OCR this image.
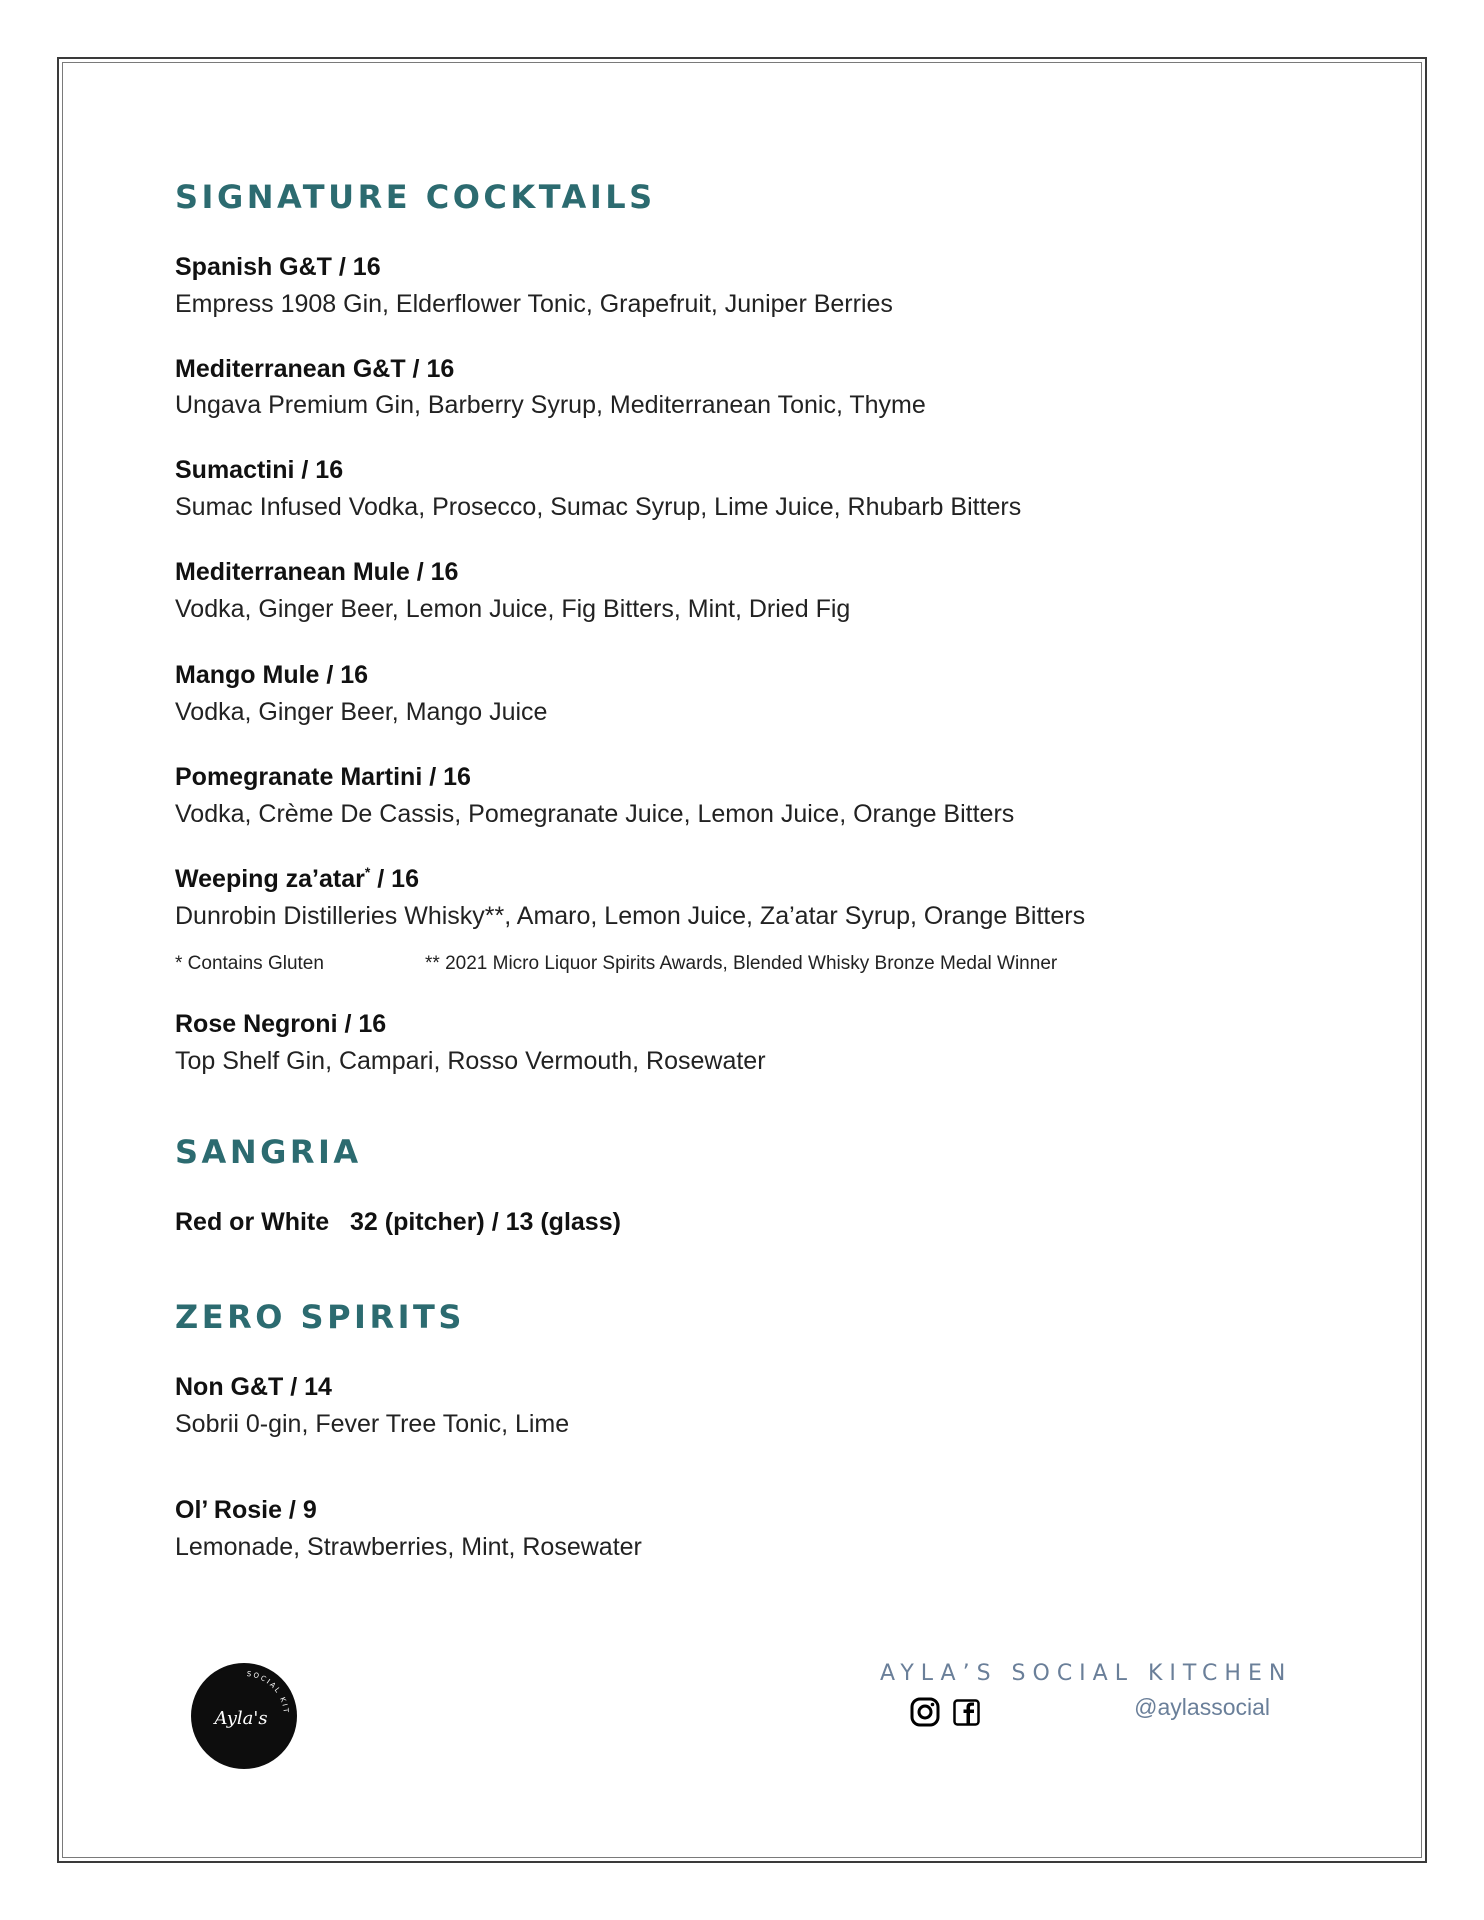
SIGNATURE COCKTAILS

Spanish G&T / 16

Empress 1908 Gin, Elderflower Tonic, Grapefruit, Juniper Berries

Mediterranean G&T / 16

Ungava Premium Gin, Barberry Syrup, Mediterranean Tonic, Thyme

Sumactini / 16

Sumac Infused Vodka, Prosecco, Sumac Syrup, Lime Juice, Rhubarb Bitters

Mediterranean Mule / 16

Vodka, Ginger Beer, Lemon Juice, Fig Bitters, Mint, Dried Fig

Mango Mule / 16

Vodka, Ginger Beer, Mango Juice

Pomegranate Martini / 16

Vodka, Crème De Cassis, Pomegranate Juice, Lemon Juice, Orange Bitters

Weeping za’atar* / 16

Dunrobin Distilleries Whisky**, Amaro, Lemon Juice, Za’atar Syrup, Orange Bitters

* Contains Gluten	** 2021 Micro Liquor Spirits Awards, Blended Whisky Bronze Medal Winner

Rose Negroni / 16

Top Shelf Gin, Campari, Rosso Vermouth, Rosewater

SANGRIA

Red or White   32 (pitcher) / 13 (glass)

ZERO SPIRITS

Non G&T / 14

Sobrii 0-gin, Fever Tree Tonic, Lime

Ol’ Rosie / 9

Lemonade, Strawberries, Mint, Rosewater

SOCIAL KIT
Ayla's
AYLA’S SOCIAL KITCHEN
@aylassocial
